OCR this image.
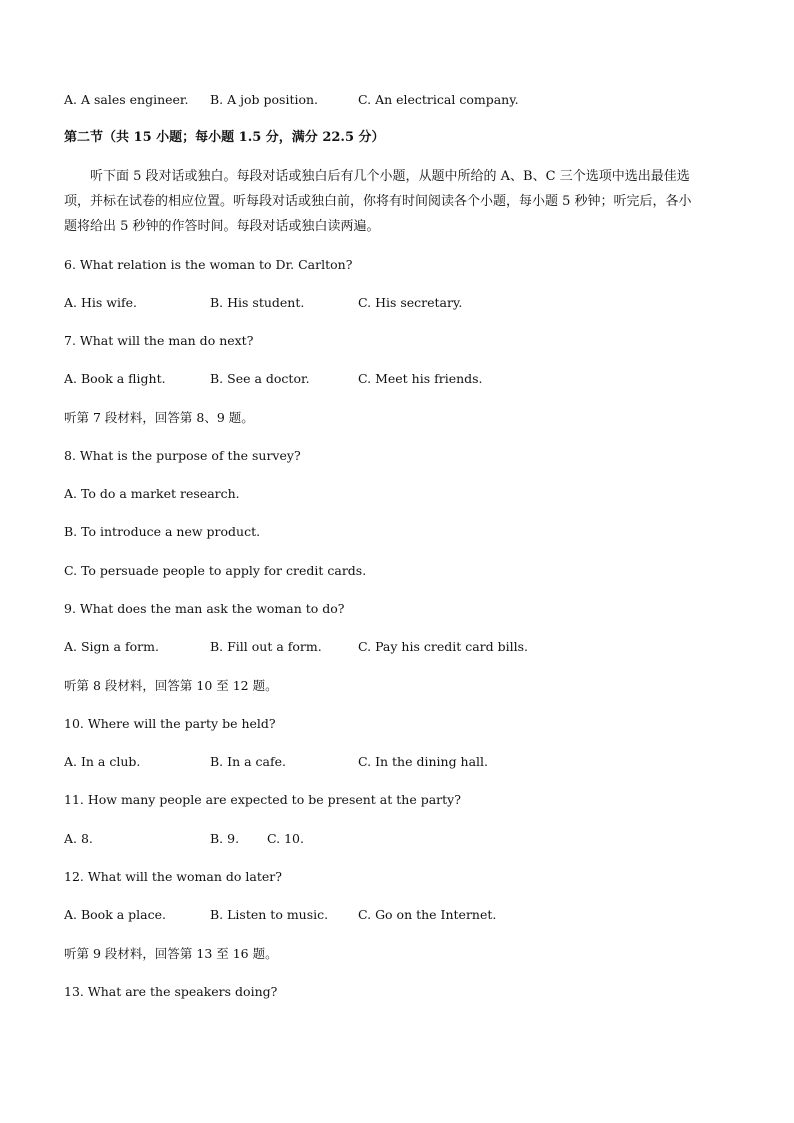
A. A sales engineer. B. A job position.	C. An electrical company.
第二节（共 15 小题；每小题 1.5 分，满分 22.5 分）

听下面 5 段对话或独白。每段对话或独白后有几个小题，从题中所给的 A、B、C 三个选项中选出最佳选

项，并标在试卷的相应位置。听每段对话或独白前，你将有时间阅读各个小题，每小题 5 秒钟；听完后，各小

题将给出 5 秒钟的作答时间。每段对话或独白读两遍。

6. What relation is the woman to Dr. Carlton?
A. His wife.	B. His student.	C. His secretary.
7. What will the man do next?
A. Book a flight.	B. See a doctor.	C. Meet his friends.
听第 7 段材料，回答第 8、9 题。
8. What is the purpose of the survey?
A. To do a market research.
B. To introduce a new product.
C. To persuade people to apply for credit cards.
9. What does the man ask the woman to do?
A. Sign a form.	B. Fill out a form.	C. Pay his credit card bills.
听第 8 段材料，回答第 10 至 12 题。
10. Where will the party be held?
A. In a club.	B. In a cafe.	C. In the dining hall.
11. How many people are expected to be present at the party?
A. 8.	B. 9. C. 10.
12. What will the woman do later?
A. Book a place.	B. Listen to music. C. Go on the Internet.
听第 9 段材料，回答第 13 至 16 题。
13. What are the speakers doing?
